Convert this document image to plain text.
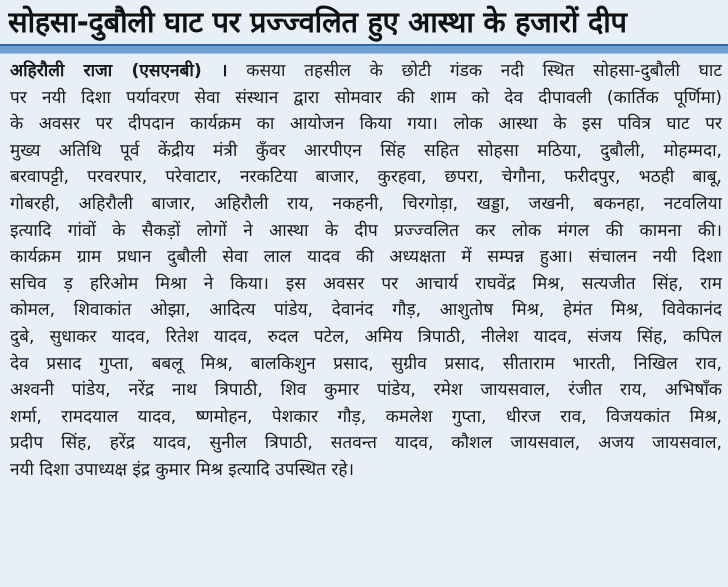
सोहसा-दुबौली घाट पर प्रज्ज्वलित हुए आस्था के हजारों दीप
अहिरौली राजा (एसएनबी) । कसया तहसील के छोटी गंडक नदी स्थित सोहसा-दुबौली घाट
पर नयी दिशा पर्यावरण सेवा संस्थान द्वारा सोमवार की शाम को देव दीपावली (कार्तिक पूर्णिमा)
के अवसर पर दीपदान कार्यक्रम का आयोजन किया गया। लोक आस्था के इस पवित्र घाट पर
मुख्य अतिथि पूर्व केंद्रीय मंत्री कुँवर आरपीएन सिंह सहित सोहसा मठिया, दुबौली, मोहम्मदा,
बरवापट्टी, परवरपार, परेवाटार, नरकटिया बाजार, कुरहवा, छपरा, चेगौना, फरीदपुर, भठही बाबू,
गोबरही, अहिरौली बाजार, अहिरौली राय, नकहनी, चिरगोड़ा, खड्डा, जखनी, बकनहा, नटवलिया
इत्यादि गांवों के सैकड़ों लोगों ने आस्था के दीप प्रज्ज्वलित कर लोक मंगल की कामना की।
कार्यक्रम ग्राम प्रधान दुबौली सेवा लाल यादव की अध्यक्षता में सम्पन्न हुआ। संचालन नयी दिशा
सचिव ड़ हरिओम मिश्रा ने किया। इस अवसर पर आचार्य राघवेंद्र मिश्र, सत्यजीत सिंह, राम
कोमल, शिवाकांत ओझा, आदित्य पांडेय, देवानंद गौड़, आशुतोष मिश्र, हेमंत मिश्र, विवेकानंद
दुबे, सुधाकर यादव, रितेश यादव, रुदल पटेल, अमिय त्रिपाठी, नीलेश यादव, संजय सिंह, कपिल
देव प्रसाद गुप्ता, बबलू मिश्र, बालकिशुन प्रसाद, सुग्रीव प्रसाद, सीताराम भारती, निखिल राव,
अश्वनी पांडेय, नरेंद्र नाथ त्रिपाठी, शिव कुमार पांडेय, रमेश जायसवाल, रंजीत राय, अभिषाँक
शर्मा, रामदयाल यादव, ष्णमोहन, पेशकार गौड़, कमलेश गुप्ता, धीरज राव, विजयकांत मिश्र,
प्रदीप सिंह, हरेंद्र यादव, सुनील त्रिपाठी, सतवन्त यादव, कौशल जायसवाल, अजय जायसवाल,
नयी दिशा उपाध्यक्ष इंद्र कुमार मिश्र इत्यादि उपस्थित रहे।
